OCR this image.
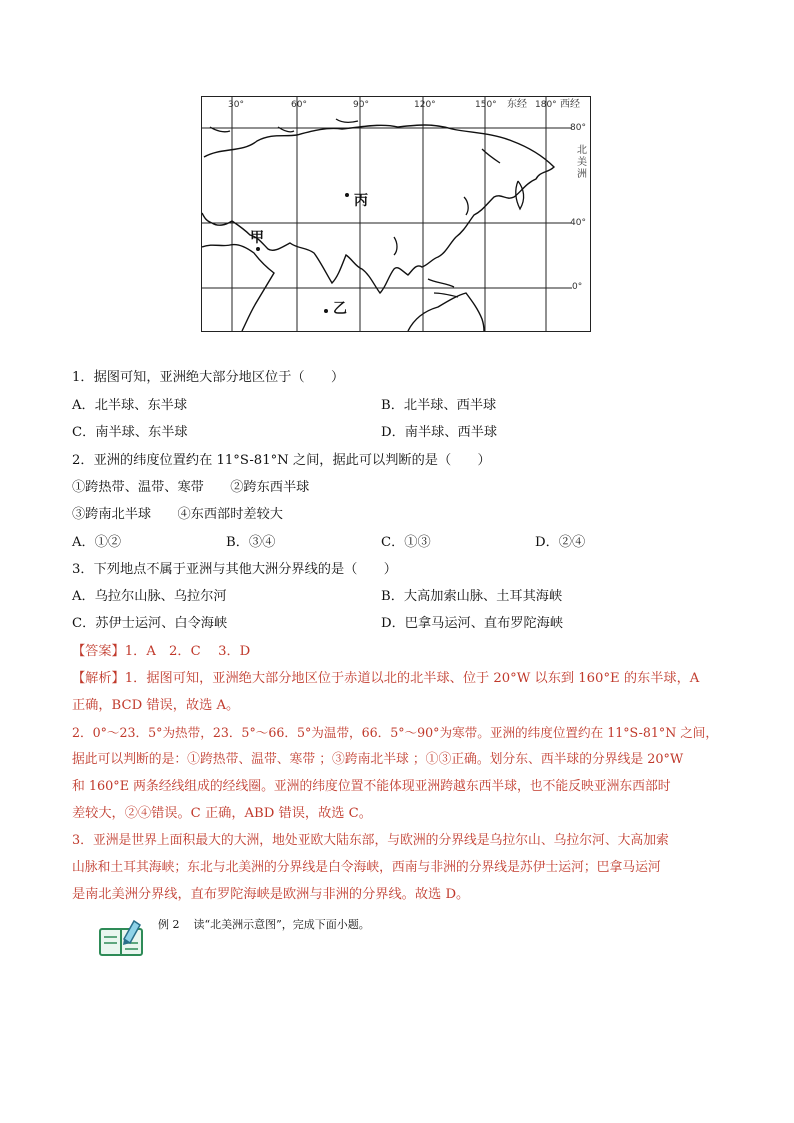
30°	60°	90°	120°	150° 东经 180° 西经
80°
40°
0°
北美洲
丙
甲
乙
1．据图可知，亚洲绝大部分地区位于（　　）
A．北半球、东半球	B．北半球、西半球
C．南半球、东半球	D．南半球、西半球
2．亚洲的纬度位置约在 11°S-81°N 之间，据此可以判断的是（　　）
①跨热带、温带、寒带　　②跨东西半球
③跨南北半球　　④东西部时差较大
A．①②	B．③④	C．①③	D．②④
3．下列地点不属于亚洲与其他大洲分界线的是（　　）
A．乌拉尔山脉、乌拉尔河	B．大高加索山脉、土耳其海峡
C．苏伊士运河、白令海峡	D．巴拿马运河、直布罗陀海峡
【答案】1．A　2．C　 3．D
【解析】1．据图可知，亚洲绝大部分地区位于赤道以北的北半球、位于 20°W 以东到 160°E 的东半球，A
正确，BCD 错误，故选 A。
2．0°～23．5°为热带，23．5°～66．5°为温带，66．5°～90°为寒带。亚洲的纬度位置约在 11°S-81°N 之间，
据此可以判断的是：①跨热带、温带、寒带 ；③跨南北半球 ；①③正确。划分东、西半球的分界线是 20°W
和 160°E 两条经线组成的经线圈。亚洲的纬度位置不能体现亚洲跨越东西半球，也不能反映亚洲东西部时
差较大，②④错误。C 正确，ABD 错误，故选 C。
3．亚洲是世界上面积最大的大洲，地处亚欧大陆东部，与欧洲的分界线是乌拉尔山、乌拉尔河、大高加索
山脉和土耳其海峡；东北与北美洲的分界线是白令海峡，西南与非洲的分界线是苏伊士运河；巴拿马运河
是南北美洲分界线，直布罗陀海峡是欧洲与非洲的分界线。故选 D。
例 2 读“北美洲示意图”，完成下面小题。
